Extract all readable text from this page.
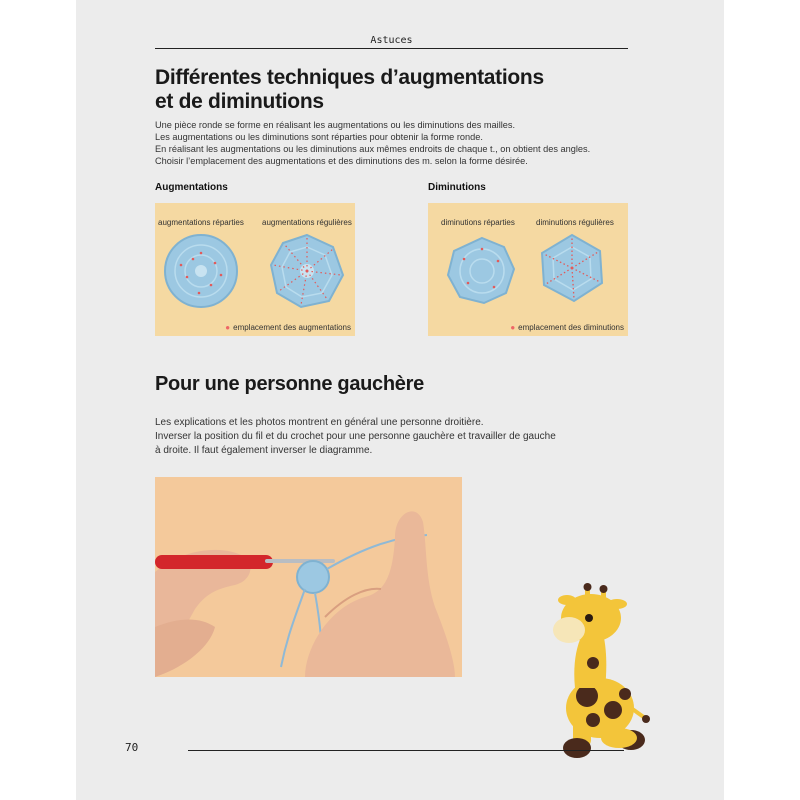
Astuces
Différentes techniques d’augmentations
et de diminutions

Une pièce ronde se forme en réalisant les augmentations ou les diminutions des mailles.

Les augmentations ou les diminutions sont réparties pour obtenir la forme ronde.

En réalisant les augmentations ou les diminutions aux mêmes endroits de chaque t., on obtient des angles.

Choisir l’emplacement des augmentations et des diminutions des m. selon la forme désirée.

Augmentations
augmentations réparties augmentations régulières
● emplacement des augmentations
Diminutions
diminutions réparties	diminutions régulières
● emplacement des diminutions
Pour une personne gauchère

Les explications et les photos montrent en général une personne droitière.

Inverser la position du fil et du crochet pour une personne gauchère et travailler de gauche

à droite. Il faut également inverser le diagramme.

70
